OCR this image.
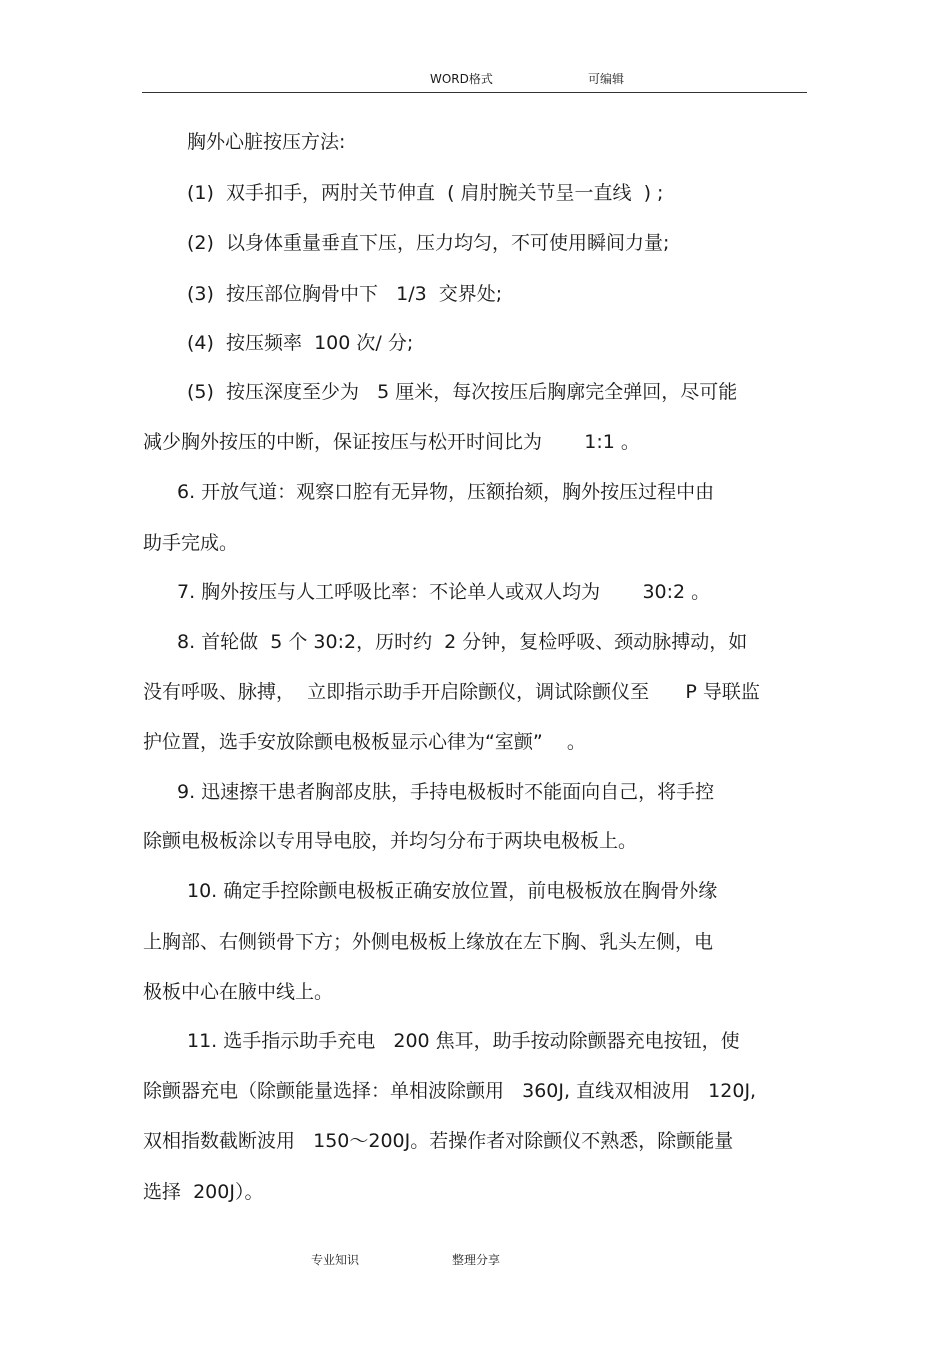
WORD格式	可编辑
胸外心脏按压方法:
(1)  双手扣手，两肘关节伸直  ( 肩肘腕关节呈一直线  ) ;
(2)  以身体重量垂直下压，压力均匀，不可使用瞬间力量;
(3)  按压部位胸骨中下   1/3  交界处;
(4)  按压频率  100 次/ 分;
(5)  按压深度至少为   5 厘米，每次按压后胸廓完全弹回，尽可能
减少胸外按压的中断，保证按压与松开时间比为       1:1 。
6. 开放气道：观察口腔有无异物，压额抬颏，胸外按压过程中由
助手完成。
7. 胸外按压与人工呼吸比率：不论单人或双人均为       30:2 。
8. 首轮做  5 个 30:2，历时约  2 分钟，复检呼吸、颈动脉搏动，如
没有呼吸、脉搏，  立即指示助手开启除颤仪，调试除颤仪至      P 导联监
护位置，选手安放除颤电极板显示心律为“室颤”    。
9. 迅速擦干患者胸部皮肤，手持电极板时不能面向自己，将手控
除颤电极板涂以专用导电胶，并均匀分布于两块电极板上。
10. 确定手控除颤电极板正确安放位置，前电极板放在胸骨外缘
上胸部、右侧锁骨下方；外侧电极板上缘放在左下胸、乳头左侧，电
极板中心在腋中线上。
11. 选手指示助手充电   200 焦耳，助手按动除颤器充电按钮，使
除颤器充电（除颤能量选择：单相波除颤用   360J, 直线双相波用   120J,
双相指数截断波用   150～200J。若操作者对除颤仪不熟悉，除颤能量
选择  200J）。
专业知识	整理分享
